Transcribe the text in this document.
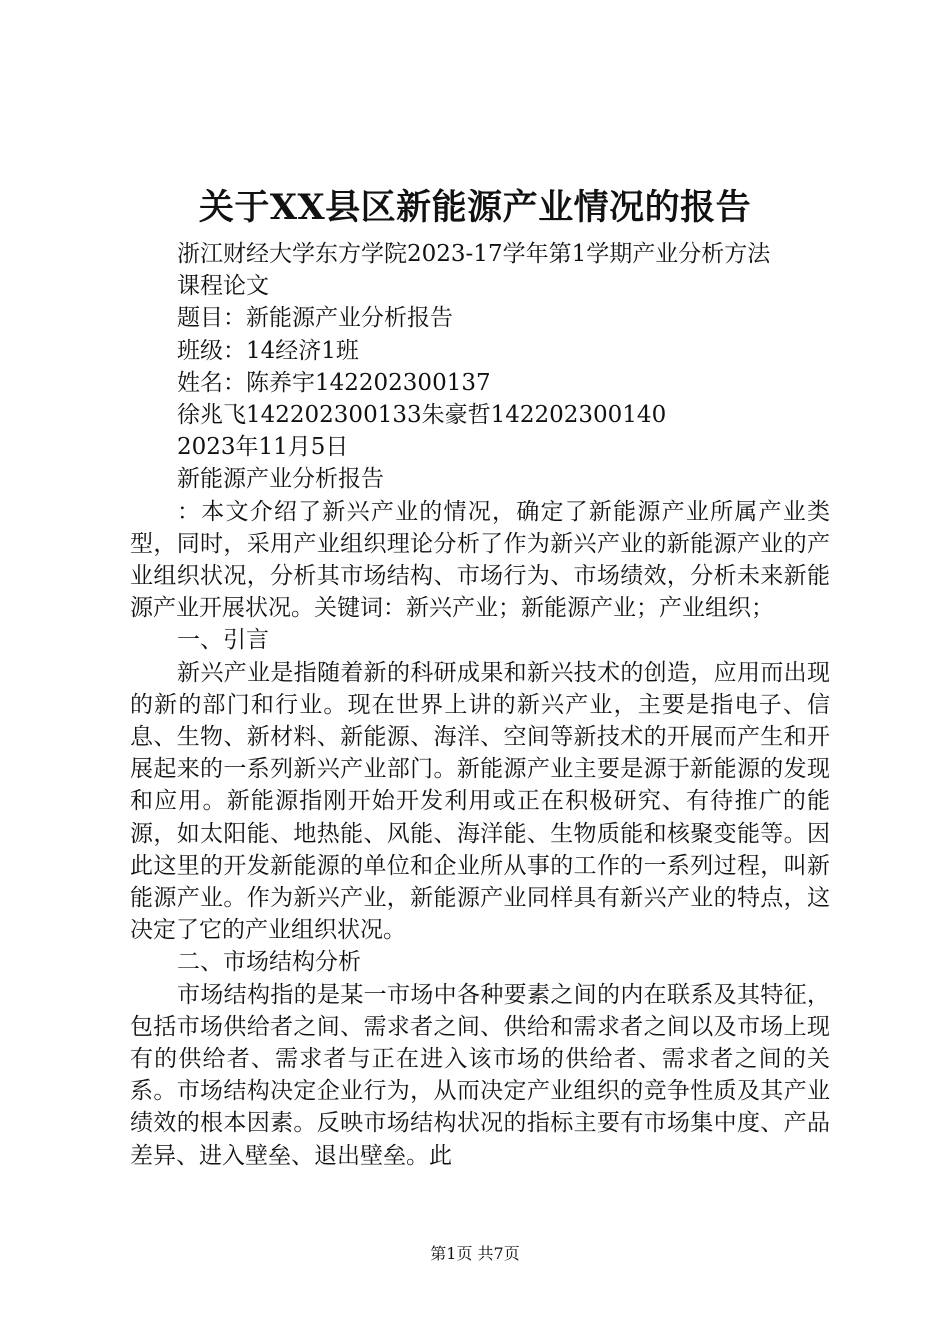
关于XX县区新能源产业情况的报告

浙江财经大学东方学院2023-17学年第1学期产业分析方法

课程论文

题目：新能源产业分析报告

班级：14经济1班

姓名：陈养宇142202300137

徐兆飞142202300133朱豪哲142202300140

2023年11月5日

新能源产业分析报告

：本文介绍了新兴产业的情况，确定了新能源产业所属产业类型，同时，采用产业组织理论分析了作为新兴产业的新能源产业的产业组织状况，分析其市场结构、市场行为、市场绩效，分析未来新能源产业开展状况。关键词：新兴产业；新能源产业；产业组织；

一、引言

新兴产业是指随着新的科研成果和新兴技术的创造，应用而出现的新的部门和行业。现在世界上讲的新兴产业，主要是指电子、信息、生物、新材料、新能源、海洋、空间等新技术的开展而产生和开展起来的一系列新兴产业部门。新能源产业主要是源于新能源的发现和应用。新能源指刚开始开发利用或正在积极研究、有待推广的能源，如太阳能、地热能、风能、海洋能、生物质能和核聚变能等。因此这里的开发新能源的单位和企业所从事的工作的一系列过程，叫新能源产业。作为新兴产业，新能源产业同样具有新兴产业的特点，这决定了它的产业组织状况。

二、市场结构分析

市场结构指的是某一市场中各种要素之间的内在联系及其特征，包括市场供给者之间、需求者之间、供给和需求者之间以及市场上现有的供给者、需求者与正在进入该市场的供给者、需求者之间的关系。市场结构决定企业行为，从而决定产业组织的竞争性质及其产业绩效的根本因素。反映市场结构状况的指标主要有市场集中度、产品差异、进入壁垒、退出壁垒。此

第1页 共7页
